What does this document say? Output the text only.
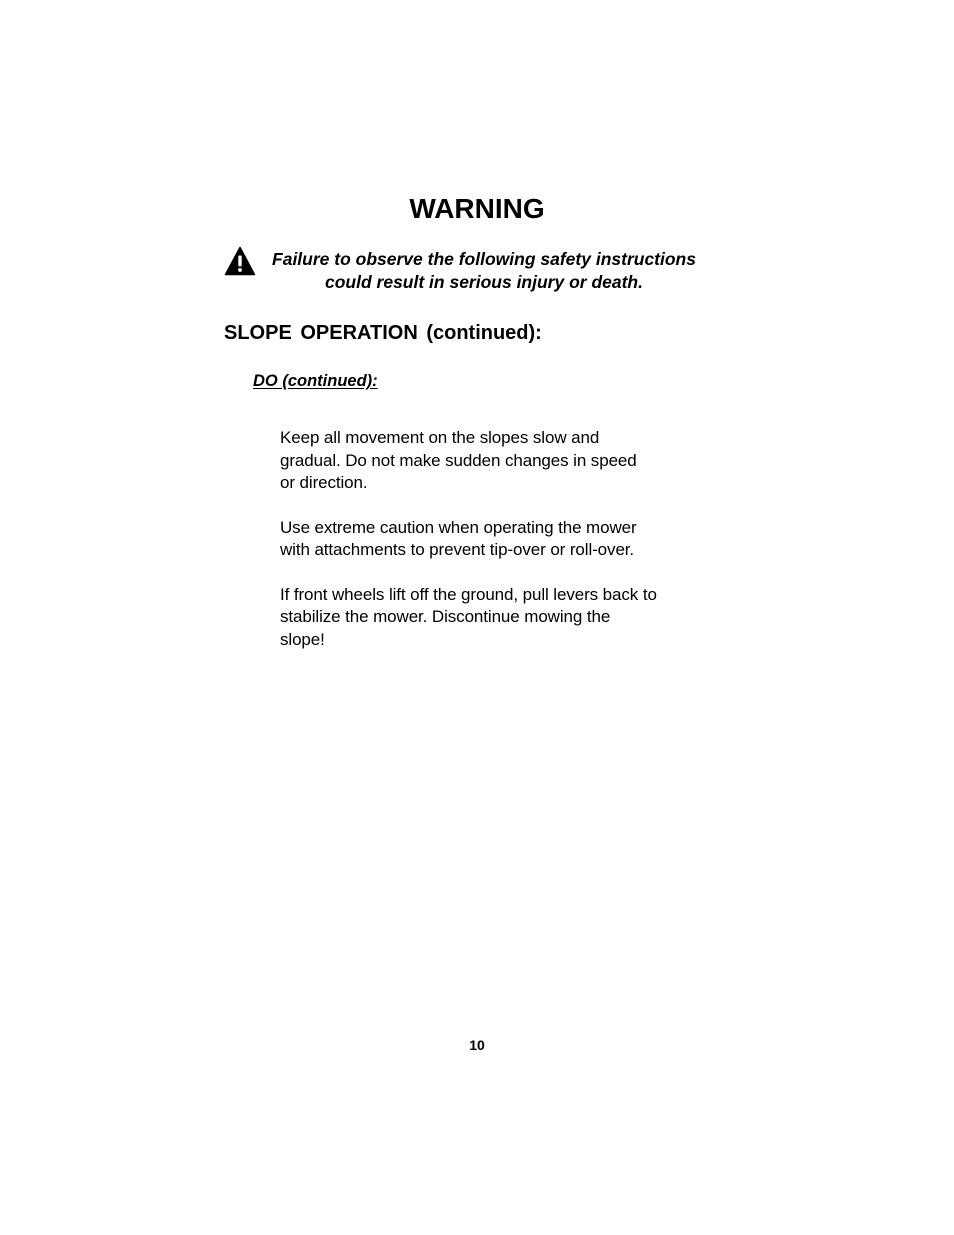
WARNING

Failure to observe the following safety instructions
could result in serious injury or death.

SLOPE OPERATION (continued):
DO (continued):

Keep all movement on the slopes slow and
gradual. Do not make sudden changes in speed
or direction.

Use extreme caution when operating the mower
with attachments to prevent tip-over or roll-over.

If front wheels lift off the ground, pull levers back to
stabilize the mower. Discontinue mowing the
slope!

10
